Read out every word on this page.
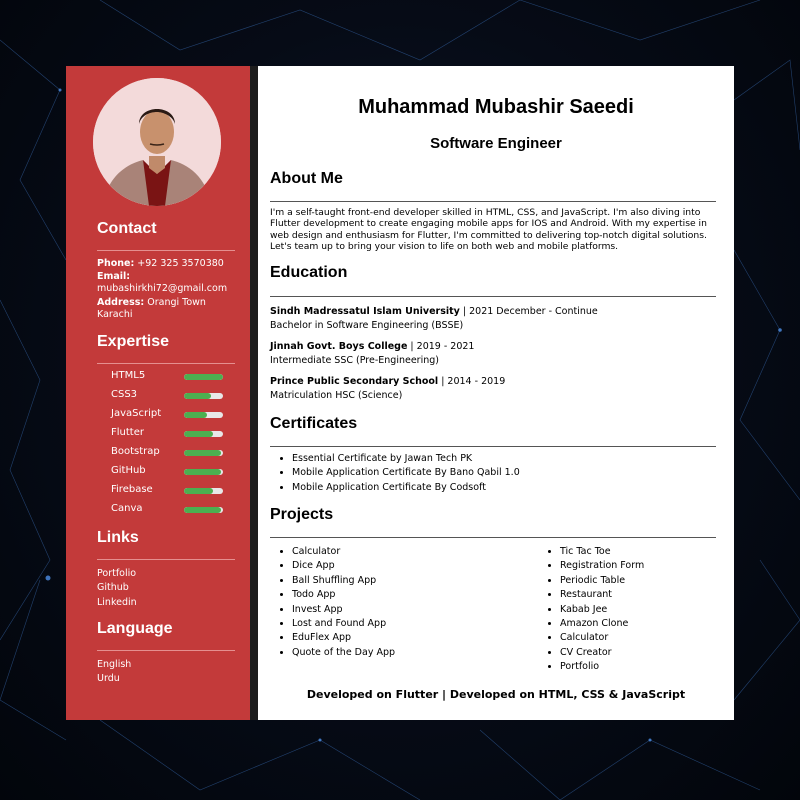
Contact
Phone: +92 325 3570380
Email:
mubashirkhi72@gmail.com
Address: Orangi Town Karachi
Expertise
HTML5
CSS3
JavaScript
Flutter
Bootstrap
GitHub
Firebase
Canva
Links
Portfolio
Github
Linkedin
Language
English
Urdu
Muhammad Mubashir Saeedi
Software Engineer
About Me
I'm a self-taught front-end developer skilled in HTML, CSS, and JavaScript. I'm also diving into Flutter development to create engaging mobile apps for IOS and Android. With my expertise in web design and enthusiasm for Flutter, I'm committed to delivering top-notch digital solutions. Let's team up to bring your vision to life on both web and mobile platforms.
Education
Sindh Madressatul Islam University | 2021 December - Continue
Bachelor in Software Engineering (BSSE)
Jinnah Govt. Boys College | 2019 - 2021
Intermediate SSC (Pre-Engineering)
Prince Public Secondary School | 2014 - 2019
Matriculation HSC (Science)
Certificates
• Essential Certificate by Jawan Tech PK
• Mobile Application Certificate By Bano Qabil 1.0
• Mobile Application Certificate By Codsoft
Projects
• Calculator
• Dice App
• Ball Shuffling App
• Todo App
• Invest App
• Lost and Found App
• EduFlex App
• Quote of the Day App
• Tic Tac Toe
• Registration Form
• Periodic Table
• Restaurant
• Kabab Jee
• Amazon Clone
• Calculator
• CV Creator
• Portfolio
Developed on Flutter | Developed on HTML, CSS & JavaScript
